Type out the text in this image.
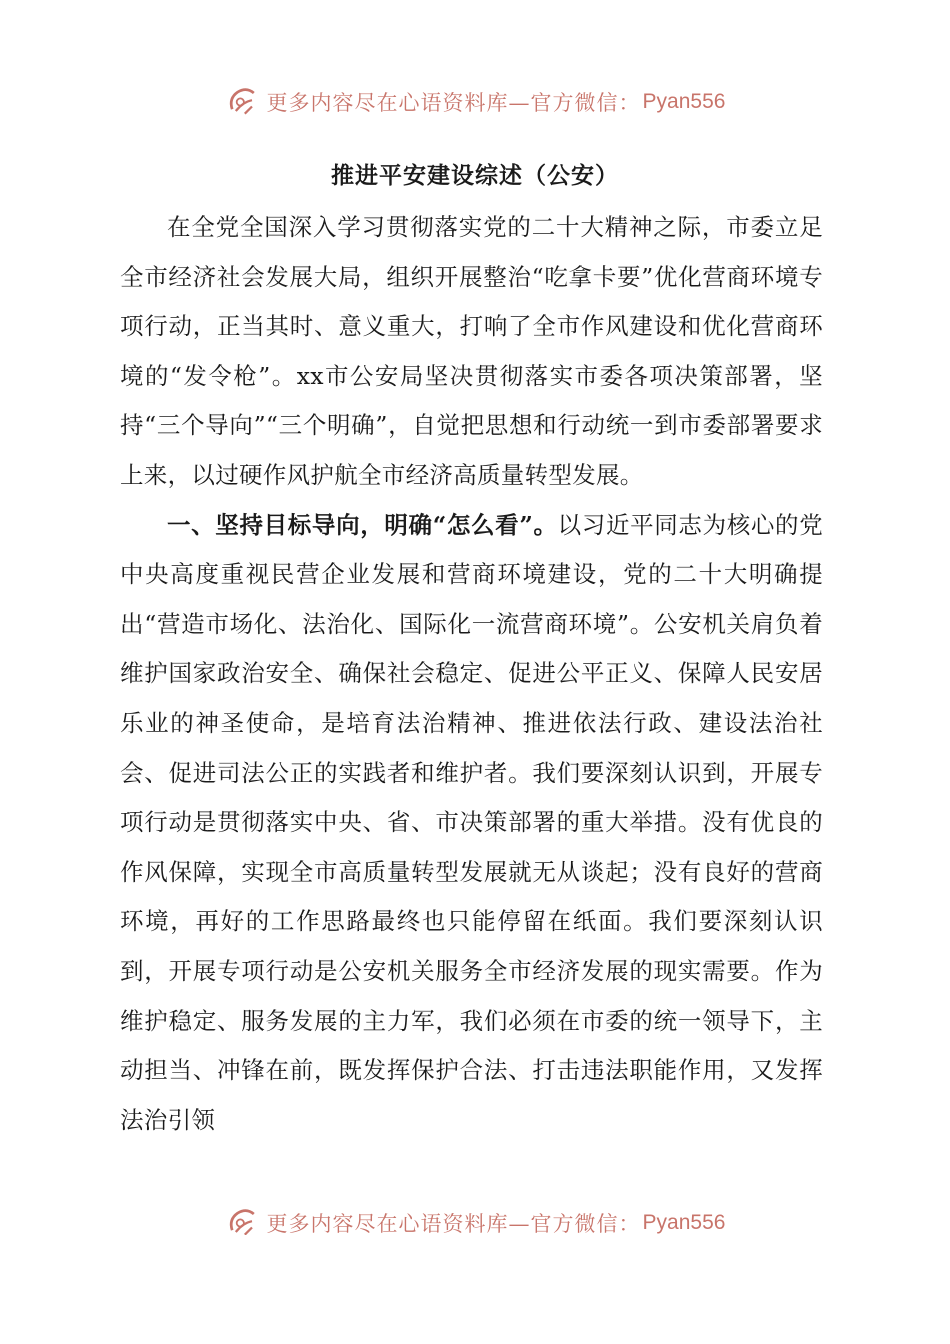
更多内容尽在心语资料库—官方微信： Pyan556
推进平安建设综述（公安）

在全党全国深入学习贯彻落实党的二十大精神之际，市委立足全市经济社会发展大局，组织开展整治“吃拿卡要”优化营商环境专项行动，正当其时、意义重大，打响了全市作风建设和优化营商环境的“发令枪”。xx市公安局坚决贯彻落实市委各项决策部署，坚持“三个导向”“三个明确”，自觉把思想和行动统一到市委部署要求上来，以过硬作风护航全市经济高质量转型发展。

一、坚持目标导向，明确“怎么看”。以习近平同志为核心的党中央高度重视民营企业发展和营商环境建设，党的二十大明确提出“营造市场化、法治化、国际化一流营商环境”。公安机关肩负着维护国家政治安全、确保社会稳定、促进公平正义、保障人民安居乐业的神圣使命，是培育法治精神、推进依法行政、建设法治社会、促进司法公正的实践者和维护者。我们要深刻认识到，开展专项行动是贯彻落实中央、省、市决策部署的重大举措。没有优良的作风保障，实现全市高质量转型发展就无从谈起；没有良好的营商环境，再好的工作思路最终也只能停留在纸面。我们要深刻认识到，开展专项行动是公安机关服务全市经济发展的现实需要。作为维护稳定、服务发展的主力军，我们必须在市委的统一领导下，主动担当、冲锋在前，既发挥保护合法、打击违法职能作用，又发挥法治引领

更多内容尽在心语资料库—官方微信： Pyan556
